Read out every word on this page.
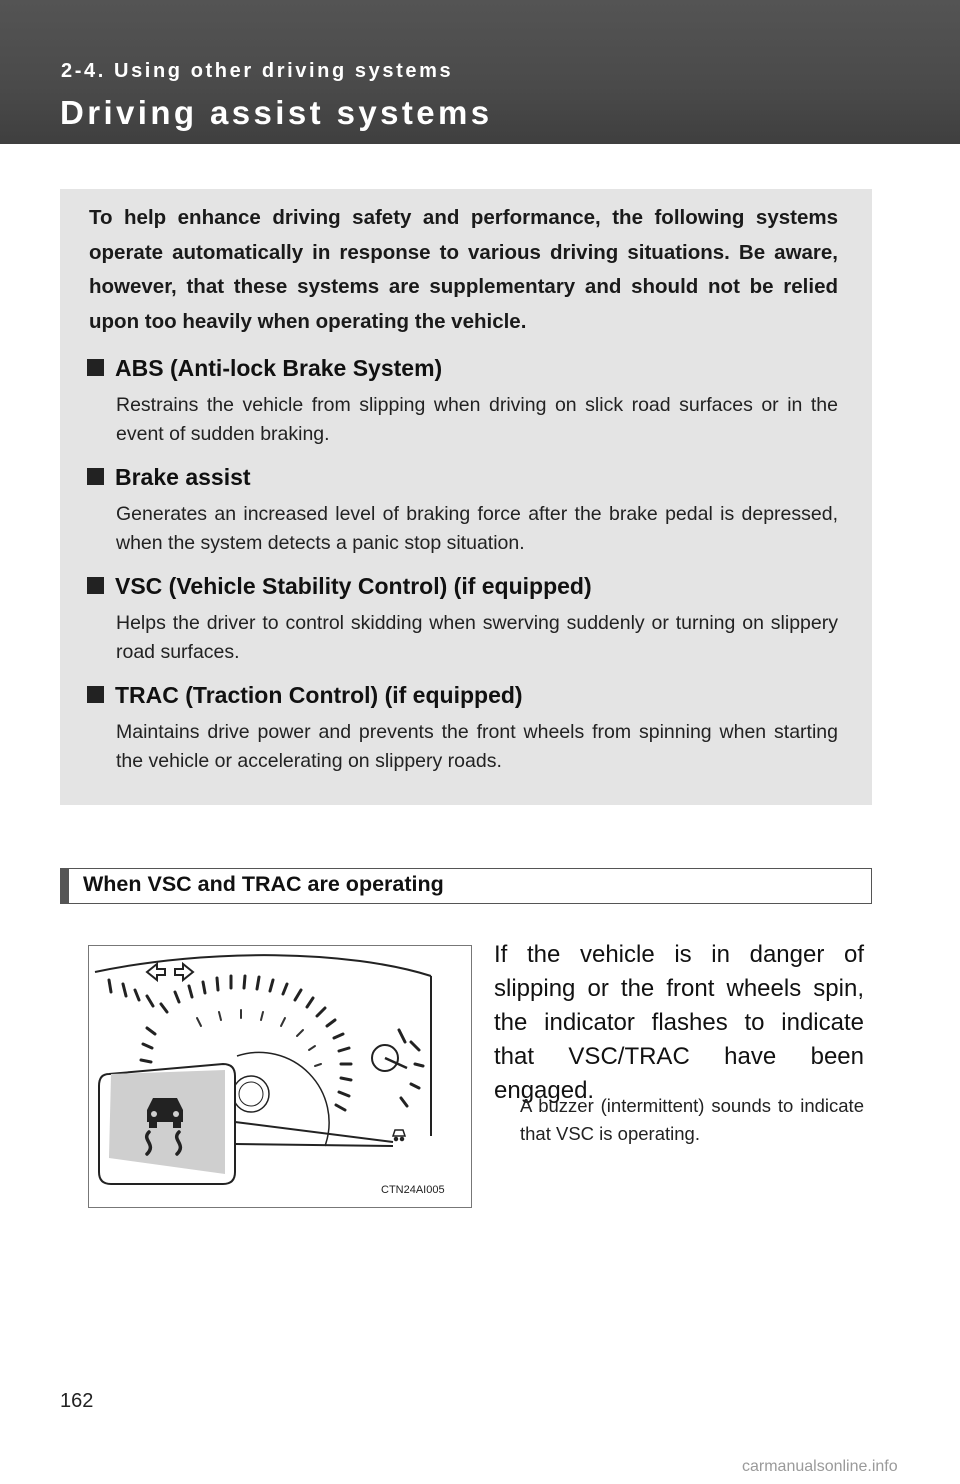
2-4. Using other driving systems
Driving assist systems
To help enhance driving safety and performance, the following systems operate automatically in response to various driving situations. Be aware, however, that these systems are supplementary and should not be relied upon too heavily when operating the vehicle.
ABS (Anti-lock Brake System)
Restrains the vehicle from slipping when driving on slick road surfaces or in the event of sudden braking.
Brake assist
Generates an increased level of braking force after the brake pedal is depressed, when the system detects a panic stop situation.
VSC (Vehicle Stability Control) (if equipped)
Helps the driver to control skidding when swerving suddenly or turning on slippery road surfaces.
TRAC (Traction Control) (if equipped)
Maintains drive power and prevents the front wheels from spinning when starting the vehicle or accelerating on slippery roads.
When VSC and TRAC are operating
CTN24AI005
If the vehicle is in danger of slipping or the front wheels spin, the indicator flashes to indicate that VSC/TRAC have been engaged.
A buzzer (intermittent) sounds to indicate that VSC is operating.
162
carmanualsonline.info
